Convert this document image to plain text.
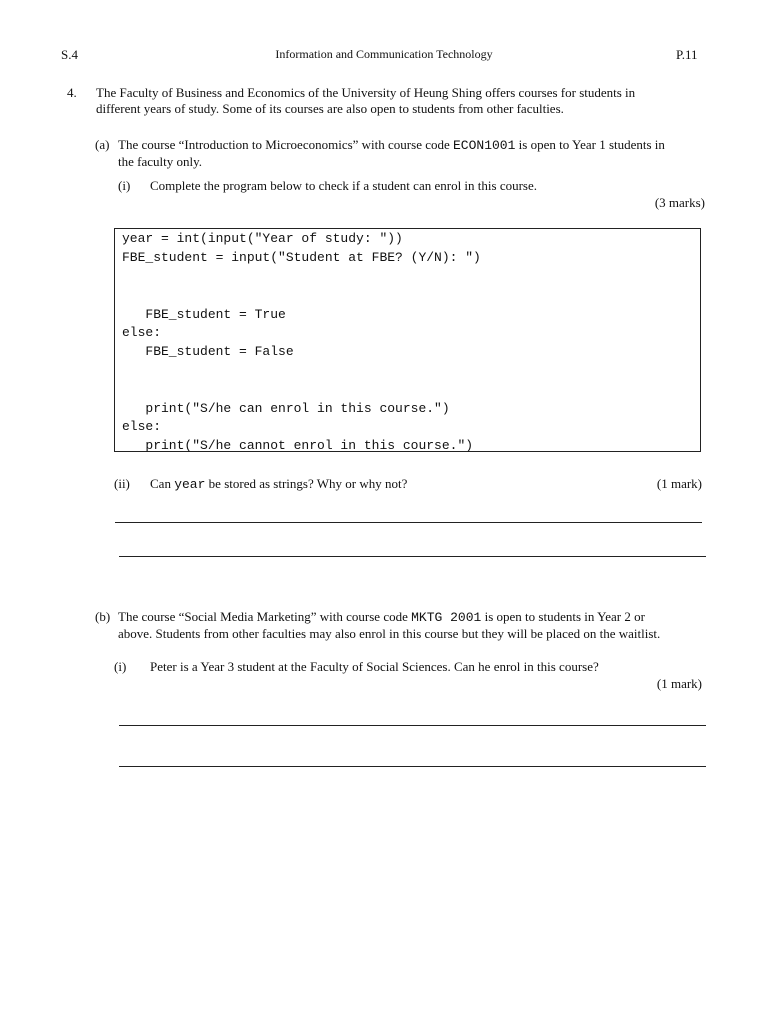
S.4	Information and Communication Technology	P.11
4. The Faculty of Business and Economics of the University of Heung Shing offers courses for students in
different years of study. Some of its courses are also open to students from other faculties.
(a) The course “Introduction to Microeconomics” with course code ECON1001 is open to Year 1 students in
the faculty only.
(i) Complete the program below to check if a student can enrol in this course.
(3 marks)
year = int(input("Year of study: "))
FBE_student = input("Student at FBE? (Y/N): ")
FBE_student = True
else:
FBE_student = False
print("S/he can enrol in this course.")
else:
print("S/he cannot enrol in this course.")
(ii) Can year be stored as strings? Why or why not?	(1 mark)
(b) The course “Social Media Marketing” with course code MKTG 2001 is open to students in Year 2 or
above. Students from other faculties may also enrol in this course but they will be placed on the waitlist.
(i) Peter is a Year 3 student at the Faculty of Social Sciences. Can he enrol in this course?
(1 mark)
